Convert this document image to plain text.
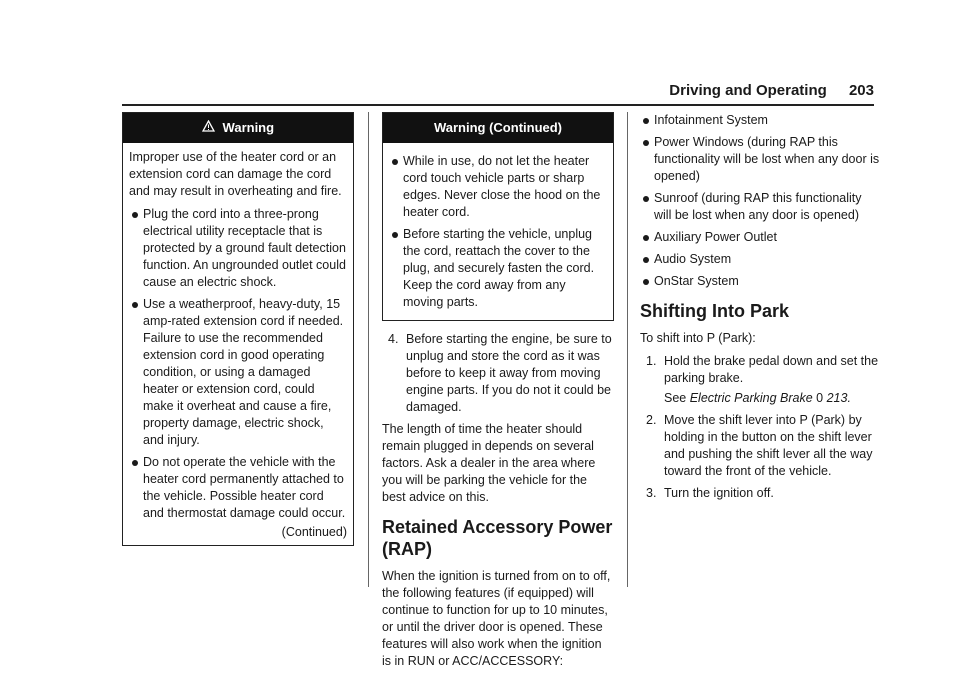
Driving and Operating 203
Warning

Improper use of the heater cord or an extension cord can damage the cord and may result in overheating and fire.

Plug the cord into a three-prong electrical utility receptacle that is protected by a ground fault detection function. An ungrounded outlet could cause an electric shock.
Use a weatherproof, heavy-duty, 15 amp-rated extension cord if needed. Failure to use the recommended extension cord in good operating condition, or using a damaged heater or extension cord, could make it overheat and cause a fire, property damage, electric shock, and injury.
Do not operate the vehicle with the heater cord permanently attached to the vehicle. Possible heater cord and thermostat damage could occur.
(Continued)
Warning (Continued)
While in use, do not let the heater cord touch vehicle parts or sharp edges. Never close the hood on the heater cord.
Before starting the vehicle, unplug the cord, reattach the cover to the plug, and securely fasten the cord. Keep the cord away from any moving parts.
4. Before starting the engine, be sure to unplug and store the cord as it was before to keep it away from moving engine parts. If you do not it could be damaged.

The length of time the heater should remain plugged in depends on several factors. Ask a dealer in the area where you will be parking the vehicle for the best advice on this.

Retained Accessory Power (RAP)

When the ignition is turned from on to off, the following features (if equipped) will continue to function for up to 10 minutes, or until the driver door is opened. These features will also work when the ignition is in RUN or ACC/ACCESSORY:

Infotainment System
Power Windows (during RAP this functionality will be lost when any door is opened)
Sunroof (during RAP this functionality will be lost when any door is opened)
Auxiliary Power Outlet
Audio System
OnStar System
Shifting Into Park

To shift into P (Park):

1. Hold the brake pedal down and set the parking brake.
See Electric Parking Brake 0 213.
2. Move the shift lever into P (Park) by holding in the button on the shift lever and pushing the shift lever all the way toward the front of the vehicle.
3. Turn the ignition off.
